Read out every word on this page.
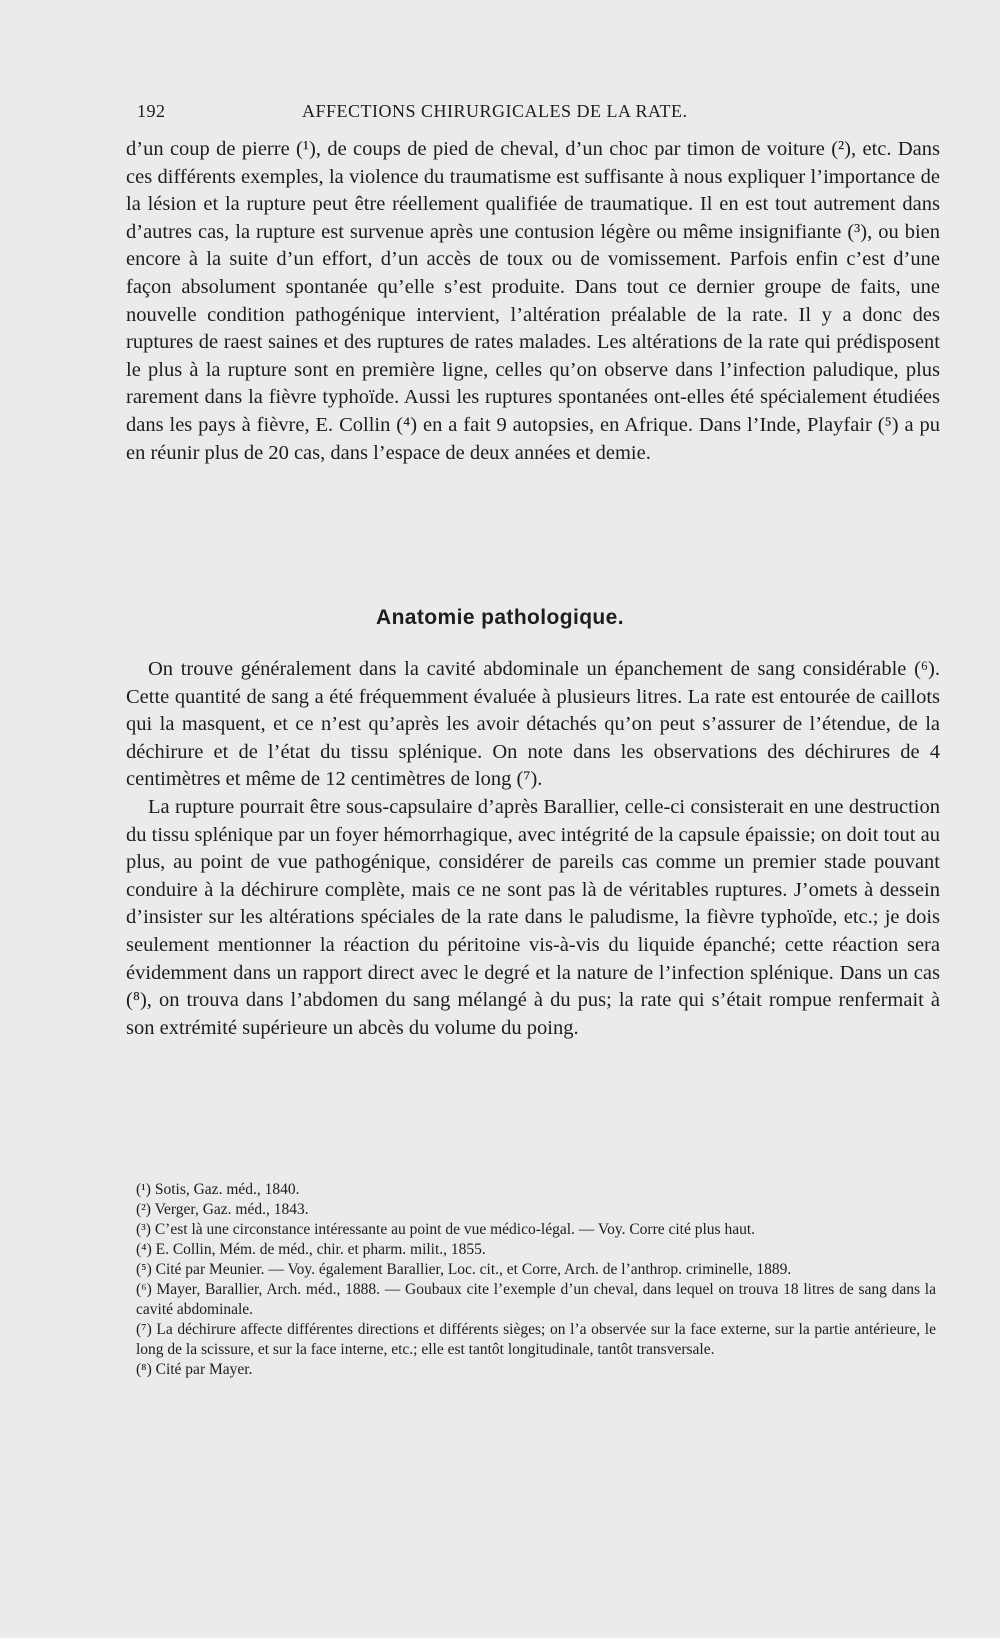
192	AFFECTIONS CHIRURGICALES DE LA RATE.

d’un coup de pierre (¹), de coups de pied de cheval, d’un choc par timon de voiture (²), etc. Dans ces différents exemples, la violence du traumatisme est suffisante à nous expliquer l’importance de la lésion et la rupture peut être réellement qualifiée de traumatique. Il en est tout autrement dans d’autres cas, la rupture est survenue après une contusion légère ou même insignifiante (³), ou bien encore à la suite d’un effort, d’un accès de toux ou de vomissement. Parfois enfin c’est d’une façon absolument spontanée qu’elle s’est produite. Dans tout ce dernier groupe de faits, une nouvelle condition pathogénique intervient, l’altération préalable de la rate. Il y a donc des ruptures de raest saines et des ruptures de rates malades. Les altérations de la rate qui prédisposent le plus à la rupture sont en première ligne, celles qu’on observe dans l’infection paludique, plus rarement dans la fièvre typhoïde. Aussi les ruptures spontanées ont-elles été spécialement étudiées dans les pays à fièvre, E. Collin (⁴) en a fait 9 autopsies, en Afrique. Dans l’Inde, Playfair (⁵) a pu en réunir plus de 20 cas, dans l’espace de deux années et demie.

Anatomie pathologique.

On trouve généralement dans la cavité abdominale un épanchement de sang considérable (⁶). Cette quantité de sang a été fréquemment évaluée à plusieurs litres. La rate est entourée de caillots qui la masquent, et ce n’est qu’après les avoir détachés qu’on peut s’assurer de l’étendue, de la déchirure et de l’état du tissu splénique. On note dans les observations des déchirures de 4 centimètres et même de 12 centimètres de long (⁷).

La rupture pourrait être sous-capsulaire d’après Barallier, celle-ci consisterait en une destruction du tissu splénique par un foyer hémorrhagique, avec intégrité de la capsule épaissie; on doit tout au plus, au point de vue pathogénique, considérer de pareils cas comme un premier stade pouvant conduire à la déchirure complète, mais ce ne sont pas là de véritables ruptures. J’omets à dessein d’insister sur les altérations spéciales de la rate dans le paludisme, la fièvre typhoïde, etc.; je dois seulement mentionner la réaction du péritoine vis-à-vis du liquide épanché; cette réaction sera évidemment dans un rapport direct avec le degré et la nature de l’infection splénique. Dans un cas (⁸), on trouva dans l’abdomen du sang mélangé à du pus; la rate qui s’était rompue renfermait à son extrémité supérieure un abcès du volume du poing.

(¹) Sotis, Gaz. méd., 1840.

(²) Verger, Gaz. méd., 1843.

(³) C’est là une circonstance intéressante au point de vue médico-légal. — Voy. Corre cité plus haut.

(⁴) E. Collin, Mém. de méd., chir. et pharm. milit., 1855.

(⁵) Cité par Meunier. — Voy. également Barallier, Loc. cit., et Corre, Arch. de l’anthrop. criminelle, 1889.

(⁶) Mayer, Barallier, Arch. méd., 1888. — Goubaux cite l’exemple d’un cheval, dans lequel on trouva 18 litres de sang dans la cavité abdominale.

(⁷) La déchirure affecte différentes directions et différents sièges; on l’a observée sur la face externe, sur la partie antérieure, le long de la scissure, et sur la face interne, etc.; elle est tantôt longitudinale, tantôt transversale.

(⁸) Cité par Mayer.
